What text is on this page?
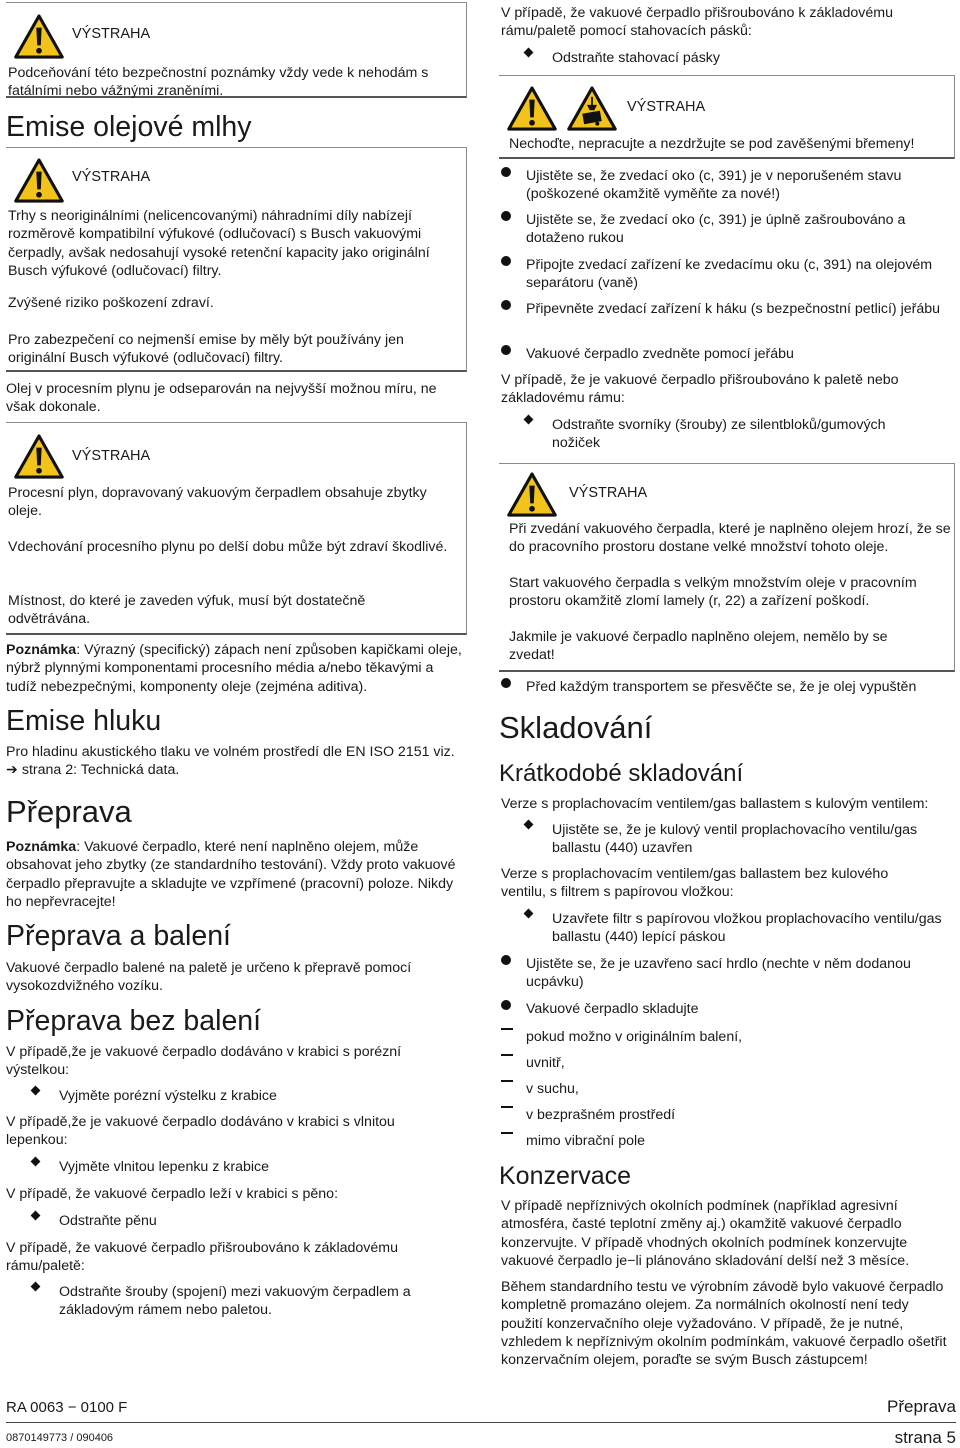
VÝSTRAHA
Podceňování této bezpečnostní poznámky vždy vede k nehodám s fatálními nebo vážnými zraněními.
Emise olejové mlhy
VÝSTRAHA
Trhy s neoriginálními (nelicencovanými) náhradními díly nabízejí rozměrově kompatibilní výfukové (odlučovací) s Busch vakuovými čerpadly, avšak nedosahují vysoké retenční kapacity jako originální Busch výfukové (odlučovací) filtry.
Zvýšené riziko poškození zdraví.
Pro zabezpečení co nejmenší emise by měly být používány jen originální Busch výfukové (odlučovací) filtry.

Olej v procesním plynu je odseparován na nejvyšší možnou míru, ne však dokonale.

VÝSTRAHA
Procesní plyn, dopravovaný vakuovým čerpadlem obsahuje zbytky oleje.
Vdechování procesního plynu po delší dobu může být zdraví škodlivé.
Místnost, do které je zaveden výfuk, musí být dostatečně odvětrávána.

Poznámka: Výrazný (specifický) zápach není způsoben kapičkami oleje, nýbrž plynnými komponentami procesního média a/nebo těkavými a tudíž nebezpečnými, komponenty oleje (zejména aditiva).

Emise hluku

Pro hladinu akustického tlaku ve volném prostředí dle EN ISO 2151 viz. ➔ strana 2: Technická data.

Přeprava

Poznámka: Vakuové čerpadlo, které není naplněno olejem, může obsahovat jeho zbytky (ze standardního testování). Vždy proto vakuové čerpadlo přepravujte a skladujte ve vzpřímené (pracovní) poloze. Nikdy ho nepřevracejte!

Přeprava a balení

Vakuové čerpadlo balené na paletě je určeno k přepravě pomocí vysokozdvižného vozíku.

Přeprava bez balení

V případě,že je vakuové čerpadlo dodáváno v krabici s porézní výstelkou:

Vyjměte porézní výstelku z krabice

V případě,že je vakuové čerpadlo dodáváno v krabici s vlnitou lepenkou:

Vyjměte vlnitou lepenku z krabice

V případě, že vakuové čerpadlo leží v krabici s pěno:

Odstraňte pěnu

V případě, že vakuové čerpadlo přišroubováno k základovému rámu/paletě:

Odstraňte šrouby (spojení) mezi vakuovým čerpadlem a základovým rámem nebo paletou.

V případě, že vakuové čerpadlo přišroubováno k základovému rámu/paletě pomocí stahovacích pásků:

Odstraňte stahovací pásky
VÝSTRAHA
Nechoďte, nepracujte a nezdržujte se pod zavěšenými břemeny!
Ujistěte se, že zvedací oko (c, 391) je v neporušeném stavu (poškozené okamžitě vyměňte za nové!)
Ujistěte se, že zvedací oko (c, 391) je úplně zašroubováno a dotaženo rukou
Připojte zvedací zařízení ke zvedacímu oku (c, 391) na olejovém separátoru (vaně)
Připevněte zvedací zařízení k háku (s bezpečnostní petlicí) jeřábu
Vakuové čerpadlo zvedněte pomocí jeřábu

V případě, že je vakuové čerpadlo přišroubováno k paletě nebo základovému rámu:

Odstraňte svorníky (šrouby) ze silentbloků/gumových nožiček
VÝSTRAHA
Při zvedání vakuového čerpadla, které je naplněno olejem hrozí, že se do pracovního prostoru dostane velké množství tohoto oleje.
Start vakuového čerpadla s velkým množstvím oleje v pracovním prostoru okamžitě zlomí lamely (r, 22) a zařízení poškodí.
Jakmile je vakuové čerpadlo naplněno olejem, nemělo by se zvedat!
Před každým transportem se přesvěčte se, že je olej vypuštěn
Skladování
Krátkodobé skladování

Verze s proplachovacím ventilem/gas ballastem s kulovým ventilem:

Ujistěte se, že je kulový ventil proplachovacího ventilu/gas ballastu (440) uzavřen

Verze s proplachovacím ventilem/gas ballastem bez kulového ventilu, s filtrem s papírovou vložkou:

Uzavřete filtr s papírovou vložkou proplachovacího ventilu/gas ballastu (440) lepící páskou
Ujistěte se, že je uzavřeno sací hrdlo (nechte v něm dodanou ucpávku)
Vakuové čerpadlo skladujte
pokud možno v originálním balení,
uvnitř,
v suchu,
v bezprašném prostředí
mimo vibrační pole
Konzervace

V případě nepříznivých okolních podmínek (například agresivní atmosféra, časté teplotní změny aj.) okamžitě vakuové čerpadlo konzervujte. V případě vhodných okolních podmínek konzervujte vakuové čerpadlo je−li plánováno skladování delší než 3 měsíce.

Během standardního testu ve výrobním závodě bylo vakuové čerpadlo kompletně promazáno olejem. Za normálních okolností není tedy použití konzervačního oleje vyžadováno. V případě, že je nutné, vzhledem k nepříznivým okolním podmínkám, vakuové čerpadlo ošetřit konzervačním olejem, poraďte se svým Busch zástupcem!

RA 0063 − 0100 F	Přeprava
0870149773 / 090406	strana 5
